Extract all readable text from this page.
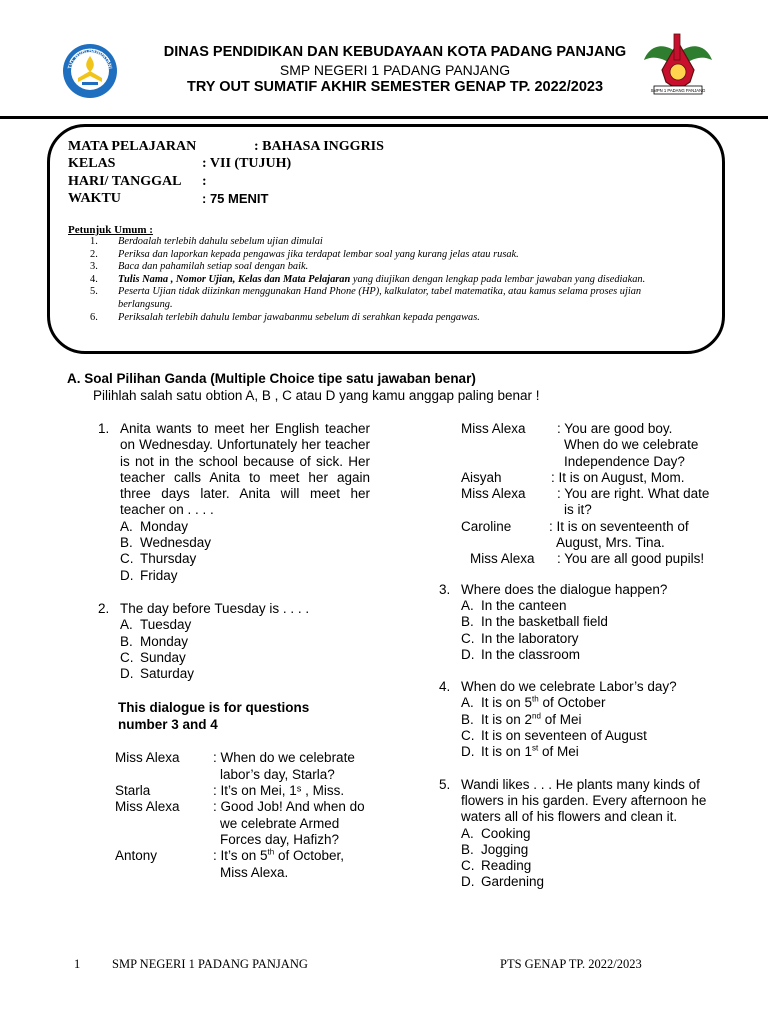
SMPN 1 PADANG PANJANG
DINAS PENDIDIKAN DAN KEBUDAYAAN KOTA PADANG PANJANG
SMP NEGERI 1 PADANG PANJANG
TRY OUT SUMATIF AKHIR SEMESTER GENAP TP. 2022/2023
MATA PELAJARAN	: BAHASA INGGRIS
KELAS	: VII (TUJUH)
HARI/ TANGGAL :
WAKTU	: 75 MENIT
Petunjuk Umum :
1. Berdoalah terlebih dahulu sebelum ujian dimulai
2. Periksa dan laporkan kepada pengawas jika terdapat lembar soal yang kurang jelas atau rusak.
3. Baca dan pahamilah setiap soal dengan baik.
4. Tulis Nama , Nomor Ujian, Kelas dan Mata Pelajaran yang diujikan dengan lengkap pada lembar jawaban yang disediakan.
5. Peserta Ujian tidak diizinkan menggunakan Hand Phone (HP), kalkulator, tabel matematika, atau kamus selama proses ujian berlangsung.
6. Periksalah terlebih dahulu lembar jawabanmu sebelum di serahkan kepada pengawas.
A. Soal Pilihan Ganda (Multiple Choice tipe satu jawaban benar)
Pilihlah salah satu obtion A, B , C atau D yang kamu anggap paling benar !
1. Anita wants to meet her English teacher on Wednesday. Unfortunately her teacher is not in the school because of sick. Her teacher calls Anita to meet her again three days later. Anita will meet her teacher on . . . .
A. Monday
B. Wednesday
C. Thursday
D. Friday
2. The day before Tuesday is . . . .
A. Tuesday
B. Monday
C. Sunday
D. Saturday
This dialogue is for questions number 3 and 4
Miss Alexa : When do we celebrate labor’s day, Starla?
Starla	: It’s on Mei, 1ˢ , Miss.
Miss Alexa : Good Job! And when do we celebrate Armed Forces day, Hafizh?
Antony	: It’s on 5th of October, Miss Alexa.
Miss Alexa : You are good boy. When do we celebrate Independence Day?
Aisyah	: It is on August, Mom.
Miss Alexa : You are right. What date is it?
Caroline	: It is on seventeenth of August, Mrs. Tina.
Miss Alexa : You are all good pupils!
3. Where does the dialogue happen?
A. In the canteen
B. In the basketball field
C. In the laboratory
D. In the classroom
4. When do we celebrate Labor’s day?
A. It is on 5th of October
B. It is on 2nd of Mei
C. It is on seventeen of August
D. It is on 1st of Mei
5. Wandi likes . . . He plants many kinds of flowers in his garden. Every afternoon he waters all of his flowers and clean it.
A. Cooking
B. Jogging
C. Reading
D. Gardening
1	SMP NEGERI 1 PADANG PANJANG	PTS GENAP TP. 2022/2023
TUT WURI HANDAYANI
